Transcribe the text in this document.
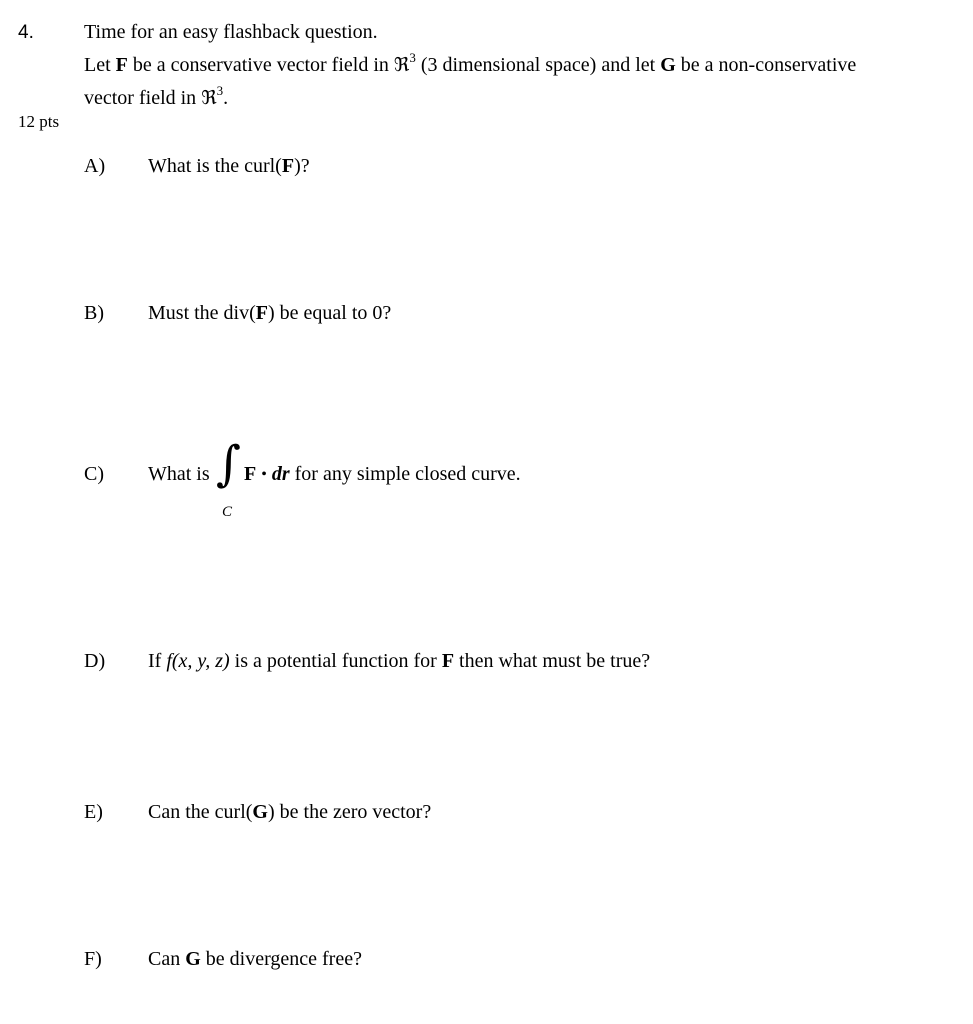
4.
12 pts
Time for an easy flashback question.
Let F be a conservative vector field in ℜ$^3$ (3 dimensional space) and let G be a non-conservative
vector field in ℜ$^3$.
A) What is the curl(F)?
B) Must the div(F) be equal to 0?
C) What is ∫
C
F • dr for any simple closed curve.
D) If f(x, y, z) is a potential function for F then what must be true?
E) Can the curl(G) be the zero vector?
F) Can G be divergence free?
